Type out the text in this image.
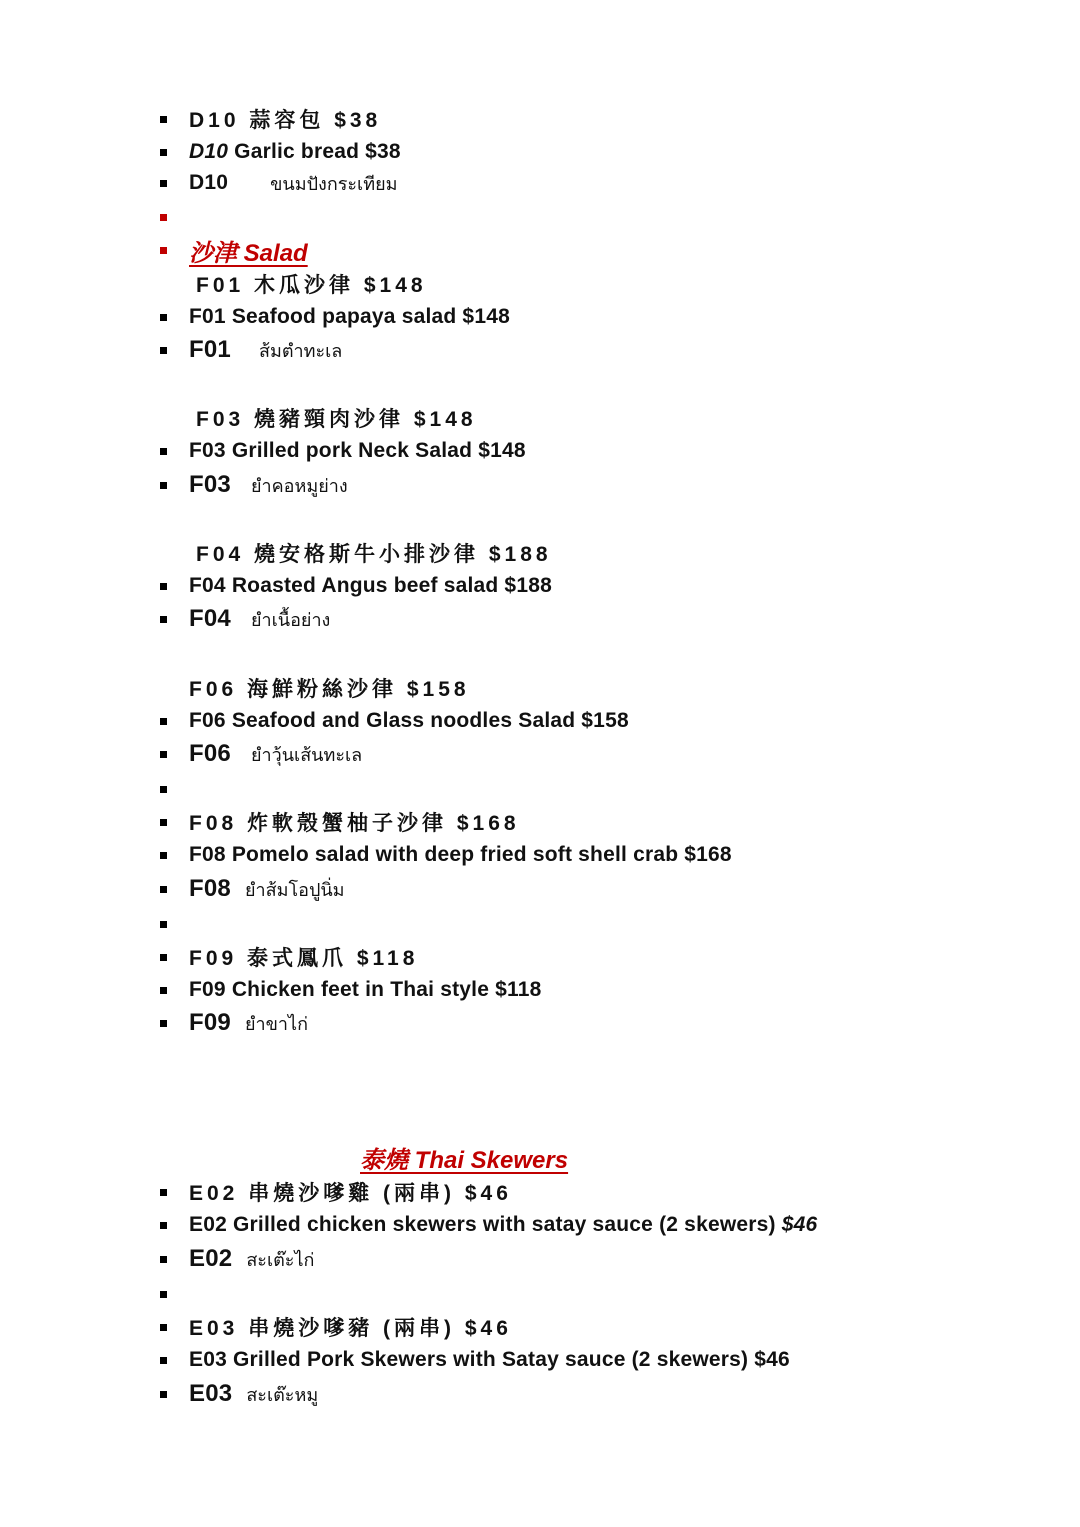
D10 蒜容包 $38
D10 Garlic bread $38
D10 ขนมปังกระเทียม
沙津 Salad
F01 木瓜沙律 $148
F01 Seafood papaya salad $148
F01 ส้มตำทะเล
F03 燒豬頸肉沙律 $148
F03 Grilled pork Neck Salad $148
F03 ยำคอหมูย่าง
F04 燒安格斯牛小排沙律 $188
F04 Roasted Angus beef salad $188
F04 ยำเนื้อย่าง
F06 海鮮粉絲沙律 $158
F06 Seafood and Glass noodles Salad $158
F06 ยำวุ้นเส้นทะเล
F08 炸軟殼蟹柚子沙律 $168
F08 Pomelo salad with deep fried soft shell crab $168
F08 ยำส้มโอปูนิ่ม
F09 泰式鳳爪 $118
F09 Chicken feet in Thai style $118
F09 ยำขาไก่
泰燒 Thai Skewers
E02 串燒沙嗲雞 (兩串) $46
E02 Grilled chicken skewers with satay sauce (2 skewers) $46
E02 สะเต๊ะไก่
E03 串燒沙嗲豬 (兩串) $46
E03 Grilled Pork Skewers with Satay sauce (2 skewers) $46
E03 สะเต๊ะหมู
